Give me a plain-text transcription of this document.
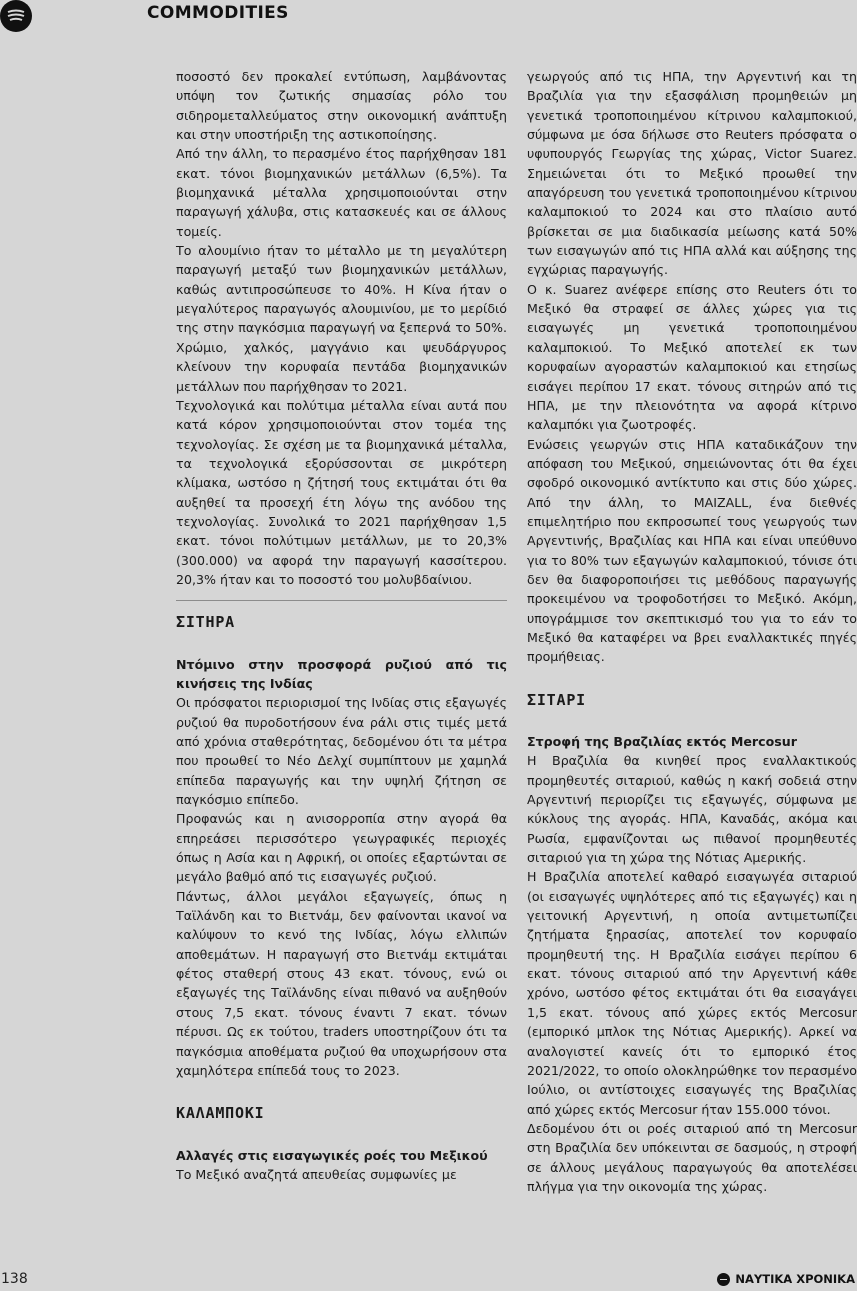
COMMODITIES

ποσοστό δεν προκαλεί εντύπωση, λαμβάνοντας υπόψη τον ζωτικής σημασίας ρόλο του σιδηρομεταλλεύματος στην οικονομική ανάπτυξη και στην υποστήριξη της αστικοποίησης.

Από την άλλη, το περασμένο έτος παρήχθησαν 181 εκατ. τόνοι βιομηχανικών μετάλλων (6,5%). Τα βιομηχανικά μέταλλα χρησιμοποιούνται στην παραγωγή χάλυβα, στις κατασκευές και σε άλλους τομείς.

Το αλουμίνιο ήταν το μέταλλο με τη μεγαλύτερη παραγωγή μεταξύ των βιομηχανικών μετάλλων, καθώς αντιπροσώπευσε το 40%. Η Κίνα ήταν ο μεγαλύτερος παραγωγός αλουμινίου, με το μερίδιό της στην παγκόσμια παραγωγή να ξεπερνά το 50%. Χρώμιο, χαλκός, μαγγάνιο και ψευδάργυρος κλείνουν την κορυφαία πεντάδα βιομηχανικών μετάλλων που παρήχθησαν το 2021.

Τεχνολογικά και πολύτιμα μέταλλα είναι αυτά που κατά κόρον χρησιμοποιούνται στον τομέα της τεχνολογίας. Σε σχέση με τα βιομηχανικά μέταλλα, τα τεχνολογικά εξορύσσονται σε μικρότερη κλίμακα, ωστόσο η ζήτησή τους εκτιμάται ότι θα αυξηθεί τα προσεχή έτη λόγω της ανόδου της τεχνολογίας. Συνολικά το 2021 παρήχθησαν 1,5 εκατ. τόνοι πολύτιμων μετάλλων, με το 20,3% (300.000) να αφορά την παραγωγή κασσίτερου. 20,3% ήταν και το ποσοστό του μολυβδαίνιου.

ΣΙΤΗΡΑ

Ντόμινο στην προσφορά ρυζιού από τις κινήσεις της Ινδίας

Οι πρόσφατοι περιορισμοί της Ινδίας στις εξαγωγές ρυζιού θα πυροδοτήσουν ένα ράλι στις τιμές μετά από χρόνια σταθερότητας, δεδομένου ότι τα μέτρα που προωθεί το Νέο Δελχί συμπίπτουν με χαμηλά επίπεδα παραγωγής και την υψηλή ζήτηση σε παγκόσμιο επίπεδο.

Προφανώς και η ανισορροπία στην αγορά θα επηρεάσει περισσότερο γεωγραφικές περιοχές όπως η Ασία και η Αφρική, οι οποίες εξαρτώνται σε μεγάλο βαθμό από τις εισαγωγές ρυζιού.

Πάντως, άλλοι μεγάλοι εξαγωγείς, όπως η Ταϊλάνδη και το Βιετνάμ, δεν φαίνονται ικανοί να καλύψουν το κενό της Ινδίας, λόγω ελλιπών αποθεμάτων. Η παραγωγή στο Βιετνάμ εκτιμάται φέτος σταθερή στους 43 εκατ. τόνους, ενώ οι εξαγωγές της Ταϊλάνδης είναι πιθανό να αυξηθούν στους 7,5 εκατ. τόνους έναντι 7 εκατ. τόνων πέρυσι. Ως εκ τούτου, traders υποστηρίζουν ότι τα παγκόσμια αποθέματα ρυζιού θα υποχωρήσουν στα χαμηλότερα επίπεδά τους το 2023.

ΚΑΛΑΜΠΟΚΙ

Αλλαγές στις εισαγωγικές ροές του Μεξικού

Το Μεξικό αναζητά απευθείας συμφωνίες με

γεωργούς από τις ΗΠΑ, την Αργεντινή και τη Βραζιλία για την εξασφάλιση προμηθειών μη γενετικά τροποποιημένου κίτρινου καλαμποκιού, σύμφωνα με όσα δήλωσε στο Reuters πρόσφατα ο υφυπουργός Γεωργίας της χώρας, Victor Suarez. Σημειώνεται ότι το Μεξικό προωθεί την απαγόρευση του γενετικά τροποποιημένου κίτρινου καλαμποκιού το 2024 και στο πλαίσιο αυτό βρίσκεται σε μια διαδικασία μείωσης κατά 50% των εισαγωγών από τις ΗΠΑ αλλά και αύξησης της εγχώριας παραγωγής.

Ο κ. Suarez ανέφερε επίσης στο Reuters ότι το Μεξικό θα στραφεί σε άλλες χώρες για τις εισαγωγές μη γενετικά τροποποιημένου καλαμποκιού. Το Μεξικό αποτελεί εκ των κορυφαίων αγοραστών καλαμποκιού και ετησίως εισάγει περίπου 17 εκατ. τόνους σιτηρών από τις ΗΠΑ, με την πλειονότητα να αφορά κίτρινο καλαμπόκι για ζωοτροφές.

Ενώσεις γεωργών στις ΗΠΑ καταδικάζουν την απόφαση του Μεξικού, σημειώνοντας ότι θα έχει σφοδρό οικονομικό αντίκτυπο και στις δύο χώρες. Από την άλλη, το MAIZALL, ένα διεθνές επιμελητήριο που εκπροσωπεί τους γεωργούς των Αργεντινής, Βραζιλίας και ΗΠΑ και είναι υπεύθυνο για το 80% των εξαγωγών καλαμποκιού, τόνισε ότι δεν θα διαφοροποιήσει τις μεθόδους παραγωγής προκειμένου να τροφοδοτήσει το Μεξικό. Ακόμη, υπογράμμισε τον σκεπτικισμό του για το εάν το Μεξικό θα καταφέρει να βρει εναλλακτικές πηγές προμήθειας.

ΣΙΤΑΡΙ

Στροφή της Βραζιλίας εκτός Mercosur

Η Βραζιλία θα κινηθεί προς εναλλακτικούς προμηθευτές σιταριού, καθώς η κακή σοδειά στην Αργεντινή περιορίζει τις εξαγωγές, σύμφωνα με κύκλους της αγοράς. ΗΠΑ, Καναδάς, ακόμα και Ρωσία, εμφανίζονται ως πιθανοί προμηθευτές σιταριού για τη χώρα της Νότιας Αμερικής.

Η Βραζιλία αποτελεί καθαρό εισαγωγέα σιταριού (οι εισαγωγές υψηλότερες από τις εξαγωγές) και η γειτονική Αργεντινή, η οποία αντιμετωπίζει ζητήματα ξηρασίας, αποτελεί τον κορυφαίο προμηθευτή της. Η Βραζιλία εισάγει περίπου 6 εκατ. τόνους σιταριού από την Αργεντινή κάθε χρόνο, ωστόσο φέτος εκτιμάται ότι θα εισαγάγει 1,5 εκατ. τόνους από χώρες εκτός Mercosur (εμπορικό μπλοκ της Νότιας Αμερικής). Αρκεί να αναλογιστεί κανείς ότι το εμπορικό έτος 2021/2022, το οποίο ολοκληρώθηκε τον περασμένο Ιούλιο, οι αντίστοιχες εισαγωγές της Βραζιλίας από χώρες εκτός Mercosur ήταν 155.000 τόνοι.

Δεδομένου ότι οι ροές σιταριού από τη Mercosur στη Βραζιλία δεν υπόκεινται σε δασμούς, η στροφή σε άλλους μεγάλους παραγωγούς θα αποτελέσει πλήγμα για την οικονομία της χώρας.

138	ΝΑΥΤΙΚΑ ΧΡΟΝΙΚΑ
